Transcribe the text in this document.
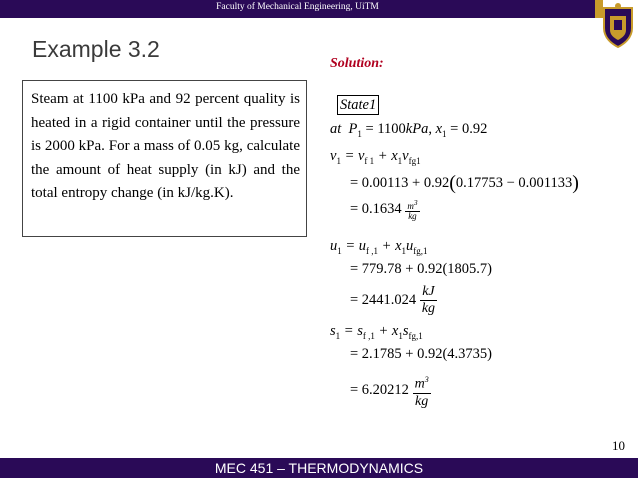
Faculty of Mechanical Engineering, UiTM
Example 3.2
Solution:
Steam at 1100 kPa and 92 percent quality is heated in a rigid container until the pressure is 2000 kPa. For a mass of 0.05 kg, calculate the amount of heat supply (in kJ) and the total entropy change (in kJ/kg.K).
State1
at $P_1 = 1100kPa$, $x_1 = 0.92$
$v_1 = v_{f 1} + x_1v_{fg1}$
= 0.00113 + 0.92(0.17753 − 0.001133)
= $0.1634 \frac{m^3}{kg}$
$u_1 = u_{f ,1} + x_1u_{fg,1}$
= 779.78 + 0.92(1805.7)
= $2441.024 \frac{kJ}{kg}$
$s_1 = s_{f ,1} + x_1s_{fg,1}$
= 2.1785 + 0.92(4.3735)
= $6.20212 \frac{m^3}{kg}$
10
MEC 451 – THERMODYNAMICS
